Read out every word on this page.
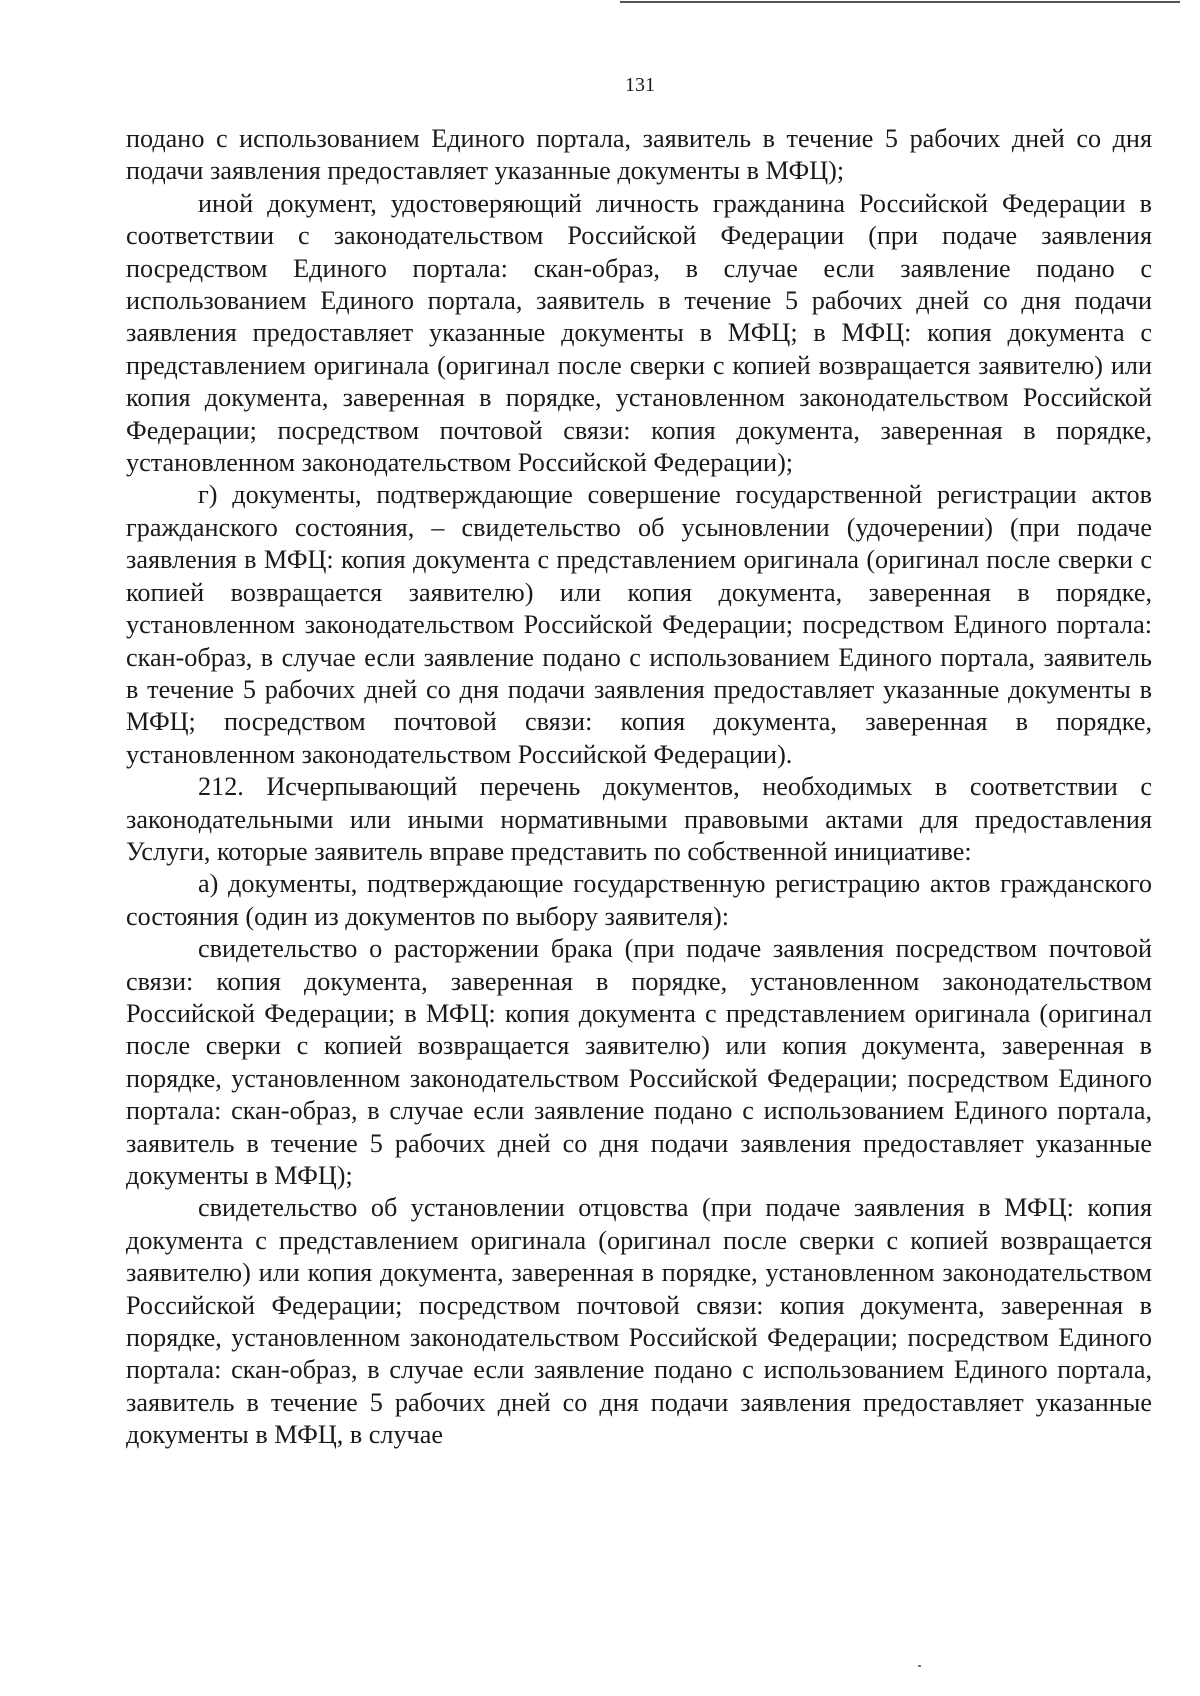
131

подано с использованием Единого портала, заявитель в течение 5 рабочих дней со дня подачи заявления предоставляет указанные документы в МФЦ);

иной документ, удостоверяющий личность гражданина Российской Федерации в соответствии с законодательством Российской Федерации (при подаче заявления посредством Единого портала: скан-образ, в случае если заявление подано с использованием Единого портала, заявитель в течение 5 рабочих дней со дня подачи заявления предоставляет указанные документы в МФЦ; в МФЦ: копия документа с представлением оригинала (оригинал после сверки с копией возвращается заявителю) или копия документа, заверенная в порядке, установленном законодательством Российской Федерации; посредством почтовой связи: копия документа, заверенная в порядке, установленном законодательством Российской Федерации);

г) документы, подтверждающие совершение государственной регистрации актов гражданского состояния, – свидетельство об усыновлении (удочерении) (при подаче заявления в МФЦ: копия документа с представлением оригинала (оригинал после сверки с копией возвращается заявителю) или копия документа, заверенная в порядке, установленном законодательством Российской Федерации; посредством Единого портала: скан-образ, в случае если заявление подано с использованием Единого портала, заявитель в течение 5 рабочих дней со дня подачи заявления предоставляет указанные документы в МФЦ; посредством почтовой связи: копия документа, заверенная в порядке, установленном законодательством Российской Федерации).

212. Исчерпывающий перечень документов, необходимых в соответствии с законодательными или иными нормативными правовыми актами для предоставления Услуги, которые заявитель вправе представить по собственной инициативе:

а) документы, подтверждающие государственную регистрацию актов гражданского состояния (один из документов по выбору заявителя):

свидетельство о расторжении брака (при подаче заявления посредством почтовой связи: копия документа, заверенная в порядке, установленном законодательством Российской Федерации; в МФЦ: копия документа с представлением оригинала (оригинал после сверки с копией возвращается заявителю) или копия документа, заверенная в порядке, установленном законодательством Российской Федерации; посредством Единого портала: скан-образ, в случае если заявление подано с использованием Единого портала, заявитель в течение 5 рабочих дней со дня подачи заявления предоставляет указанные документы в МФЦ);

свидетельство об установлении отцовства (при подаче заявления в МФЦ: копия документа с представлением оригинала (оригинал после сверки с копией возвращается заявителю) или копия документа, заверенная в порядке, установленном законодательством Российской Федерации; посредством почтовой связи: копия документа, заверенная в порядке, установленном законодательством Российской Федерации; посредством Единого портала: скан-образ, в случае если заявление подано с использованием Единого портала, заявитель в течение 5 рабочих дней со дня подачи заявления предоставляет указанные документы в МФЦ, в случае
